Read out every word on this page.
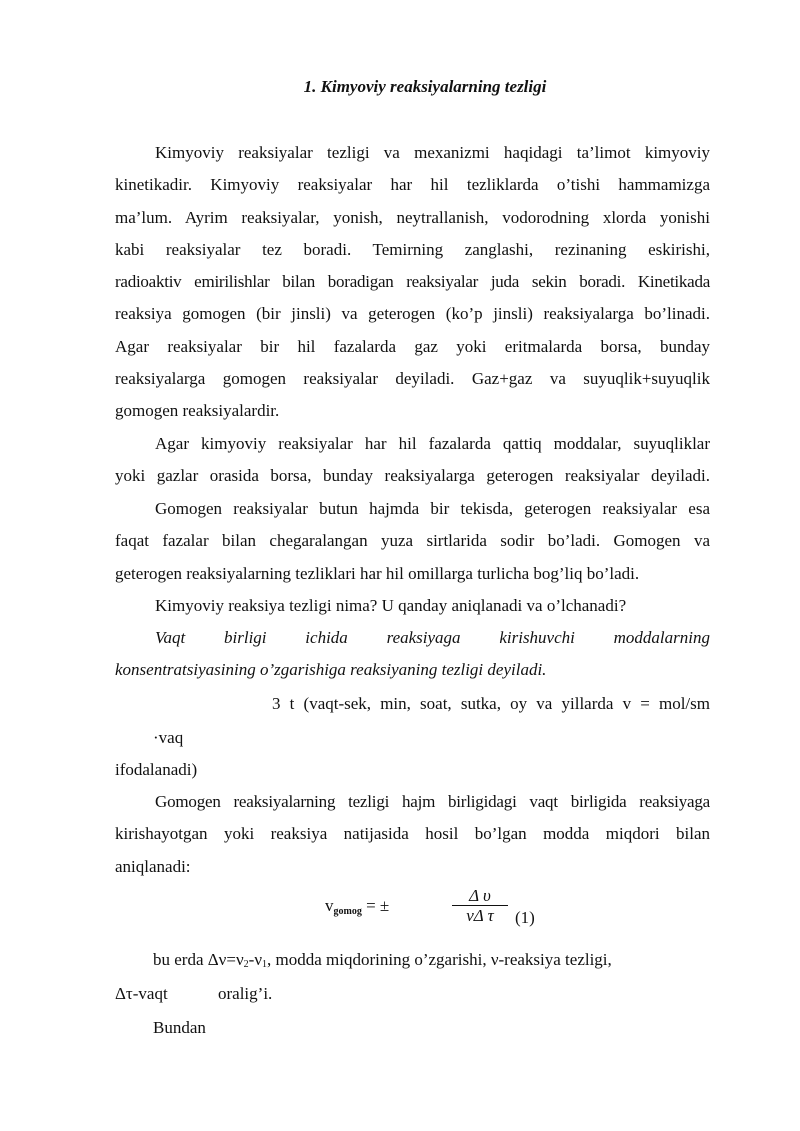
1. Kimyoviy reaksiyalarning tezligi
Kimyoviy reaksiyalar tezligi va mexanizmi haqidagi ta’limot kimyoviy
kinetikadir. Kimyoviy reaksiyalar har hil tezliklarda o’tishi hammamizga
ma’lum. Ayrim reaksiyalar, yonish, neytrallanish, vodorodning xlorda yonishi
kabi reaksiyalar tez boradi. Temirning zanglashi, rezinaning eskirishi,
radioaktiv emirilishlar bilan boradigan reaksiyalar juda sekin boradi. Kinetikada
reaksiya gomogen (bir jinsli) va geterogen (ko’p jinsli) reaksiyalarga bo’linadi.
Agar reaksiyalar bir hil fazalarda gaz yoki eritmalarda borsa, bunday
reaksiyalarga gomogen reaksiyalar deyiladi. Gaz+gaz va suyuqlik+suyuqlik
gomogen reaksiyalardir.
Agar kimyoviy reaksiyalar har hil fazalarda qattiq moddalar, suyuqliklar
yoki gazlar orasida borsa, bunday reaksiyalarga geterogen reaksiyalar deyiladi.
Gomogen reaksiyalar butun hajmda bir tekisda, geterogen reaksiyalar esa
faqat fazalar bilan chegaralangan yuza sirtlarida sodir bo’ladi. Gomogen va
geterogen reaksiyalarning tezliklari har hil omillarga turlicha bog’liq bo’ladi.
Kimyoviy reaksiya tezligi nima? U qanday aniqlanadi va o’lchanadi?
Vaqt birligi ichida reaksiyaga kirishuvchi moddalarning
konsentratsiyasining o’zgarishiga reaksiyaning tezligi deyiladi.
3 t (vaqt-sek, min, soat, sutka, oy va yillarda v = mol/sm
·vaq
ifodalanadi)
Gomogen reaksiyalarning tezligi hajm birligidagi vaqt birligida reaksiyaga
kirishayotgan yoki reaksiya natijasida hosil bo’lgan modda miqdori bilan
aniqlanadi:
$v_{gomog}$ = ±	$\frac{\text{Δ υ}}{\text{νΔ τ}} (1)$
bu erda $\Delta\nu=\nu_2-\nu_1$, modda miqdorining o’zgarishi, ν-reaksiya tezligi,
Δτ-vaqt	oralig’i.
Bundan
